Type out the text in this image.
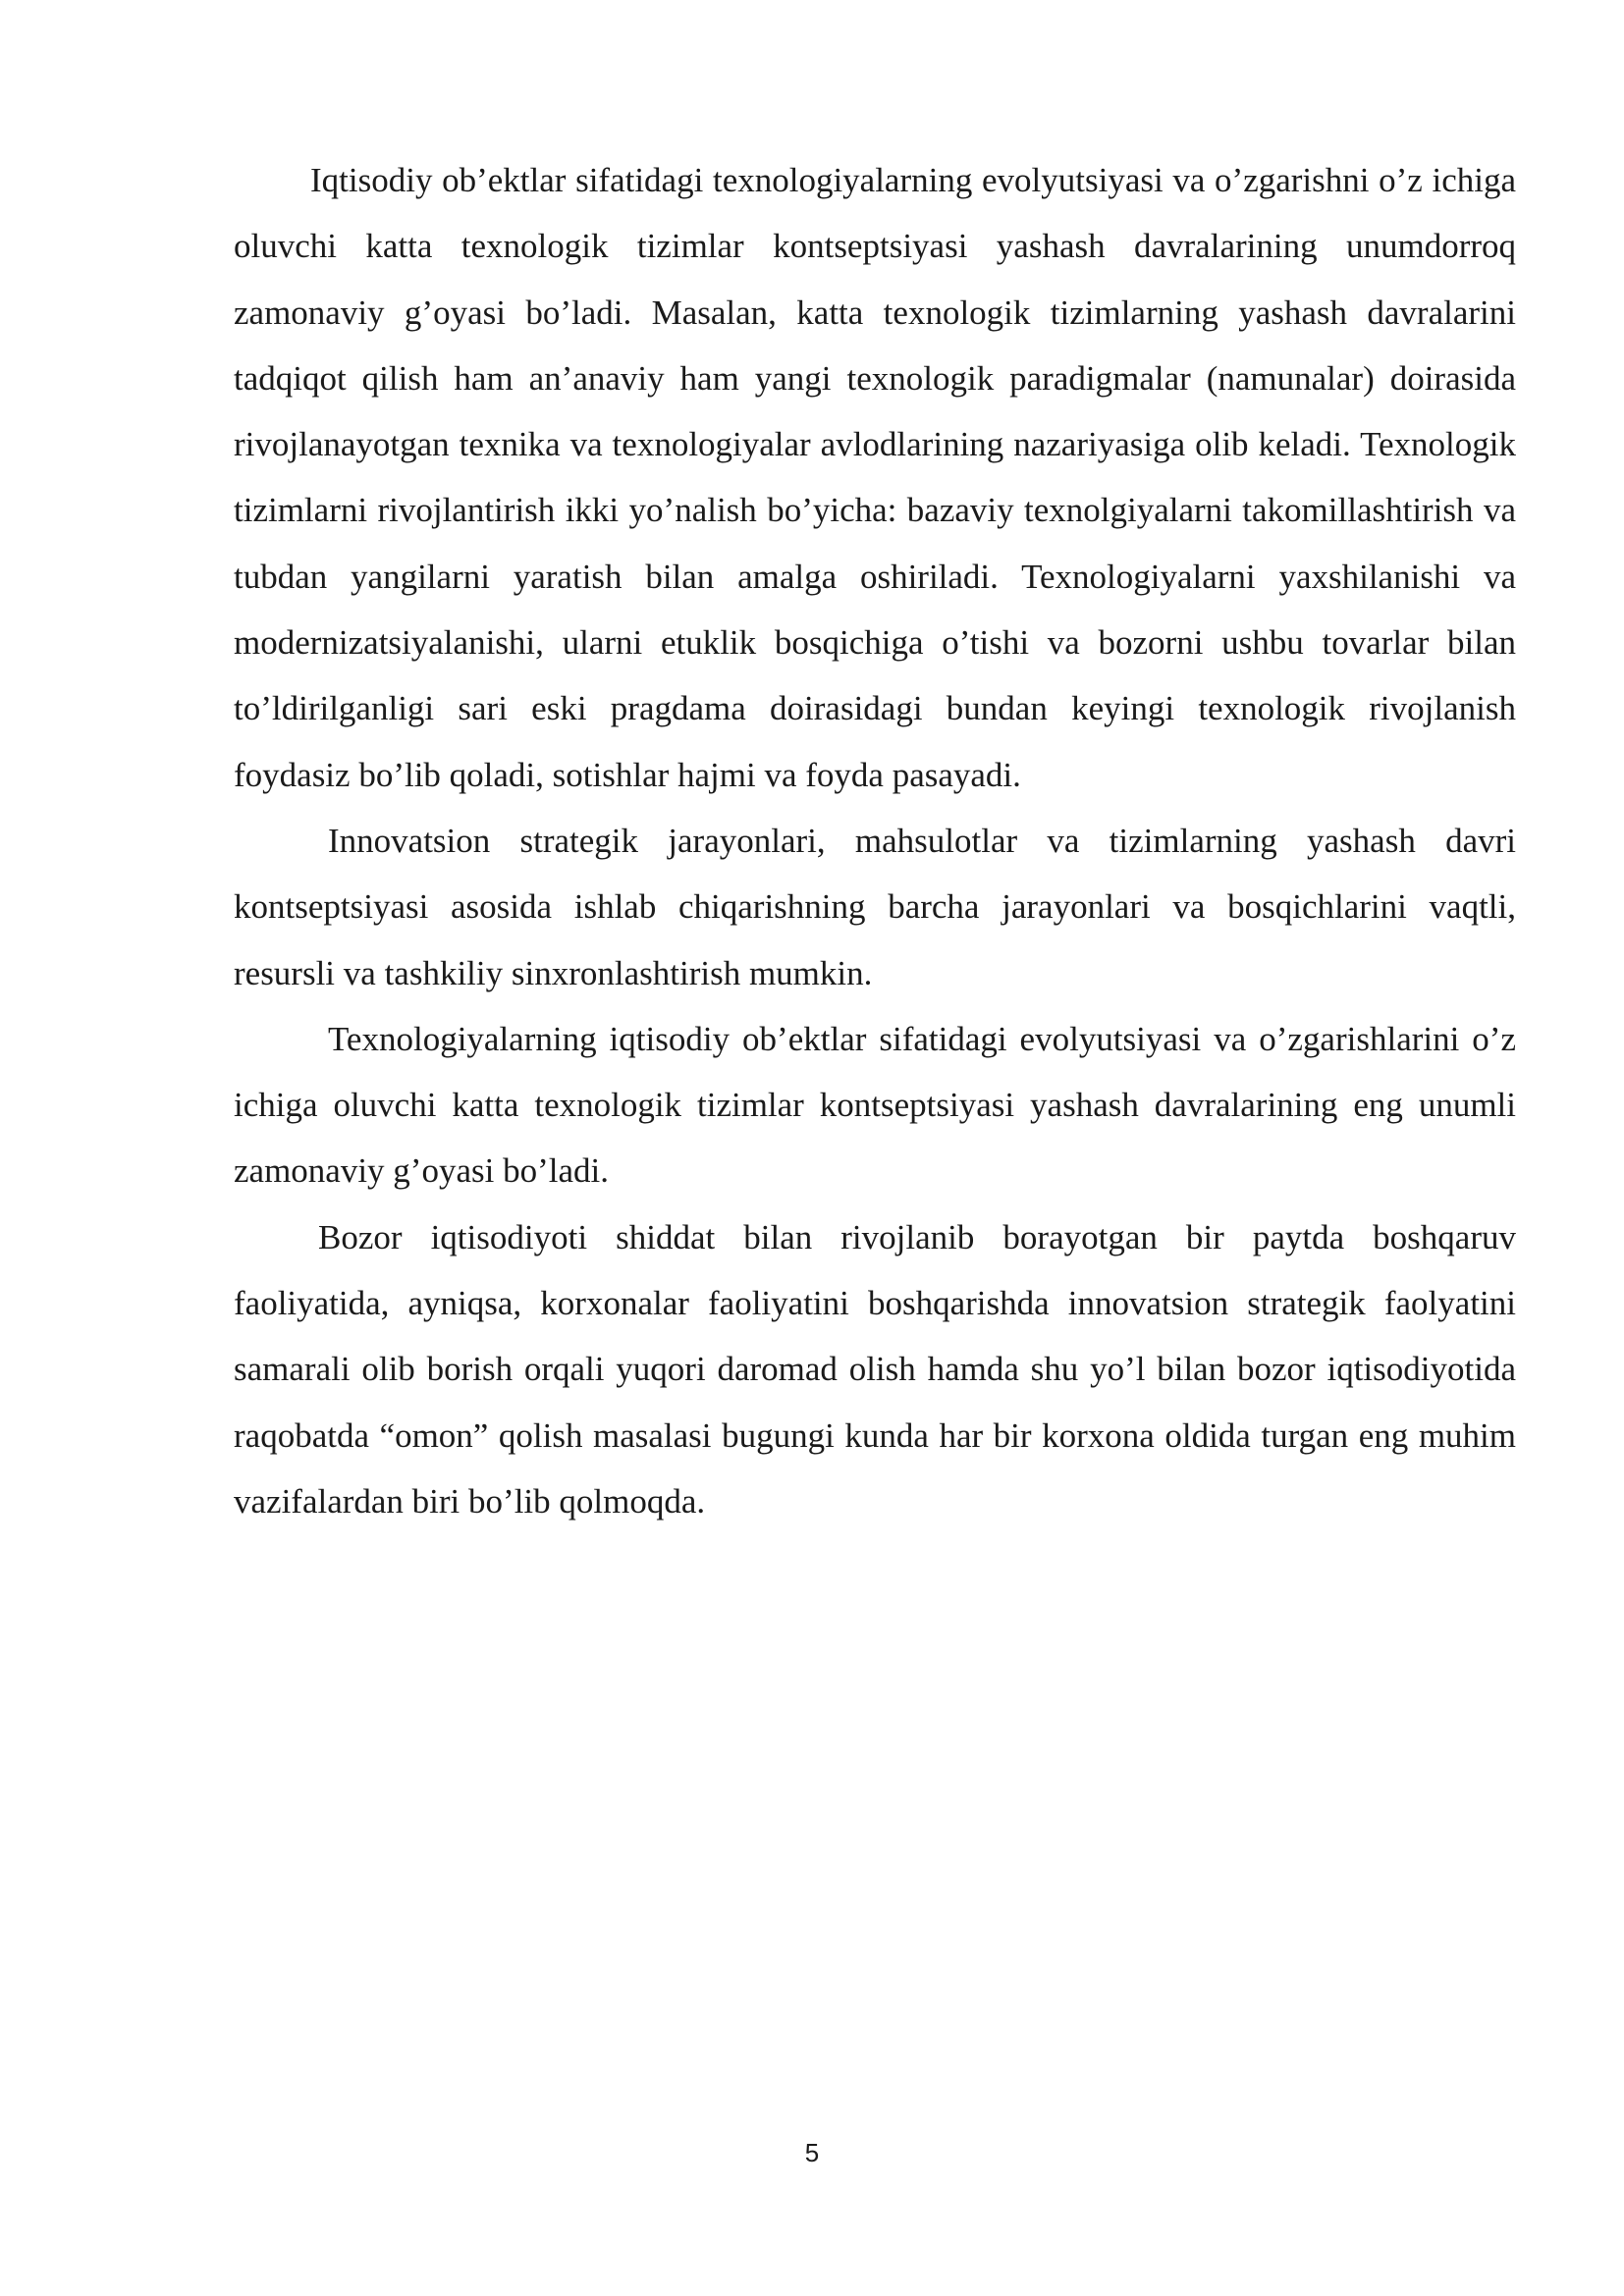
Iqtisodiy ob’ektlar sifatidagi texnologiyalarning evolyutsiyasi va o’zgarishni o’z ichiga oluvchi katta texnologik tizimlar kontseptsiyasi yashash davralarining unumdorroq zamonaviy g’oyasi bo’ladi. Masalan, katta texnologik tizimlarning yashash davralarini tadqiqot qilish ham an’anaviy ham yangi texnologik paradigmalar (namunalar) doirasida rivojlanayotgan texnika va texnologiyalar avlodlarining nazariyasiga olib keladi. Texnologik tizimlarni rivojlantirish ikki yo’nalish bo’yicha: bazaviy texnolgiyalarni takomillashtirish va tubdan yangilarni yaratish bilan amalga oshiriladi. Texnologiyalarni yaxshilanishi va modernizatsiyalanishi, ularni etuklik bosqichiga o’tishi va bozorni ushbu tovarlar bilan to’ldirilganligi sari eski pragdama doirasidagi bundan keyingi texnologik rivojlanish foydasiz bo’lib qoladi, sotishlar hajmi va foyda pasayadi.

Innovatsion strategik jarayonlari, mahsulotlar va tizimlarning yashash davri kontseptsiyasi asosida ishlab chiqarishning barcha jarayonlari va bosqichlarini vaqtli, resursli va tashkiliy sinxronlashtirish mumkin.

Texnologiyalarning iqtisodiy ob’ektlar sifatidagi evolyutsiyasi va o’zgarishlarini o’z ichiga oluvchi katta texnologik tizimlar kontseptsiyasi yashash davralarining eng unumli zamonaviy g’oyasi bo’ladi.

Bozor iqtisodiyoti shiddat bilan rivojlanib borayotgan bir paytda boshqaruv faoliyatida, ayniqsa, korxonalar faoliyatini boshqarishda innovatsion strategik faolyatini samarali olib borish orqali yuqori daromad olish hamda shu yo’l bilan bozor iqtisodiyotida raqobatda “omon” qolish masalasi bugungi kunda har bir korxona oldida turgan eng muhim vazifalardan biri bo’lib qolmoqda.

5
